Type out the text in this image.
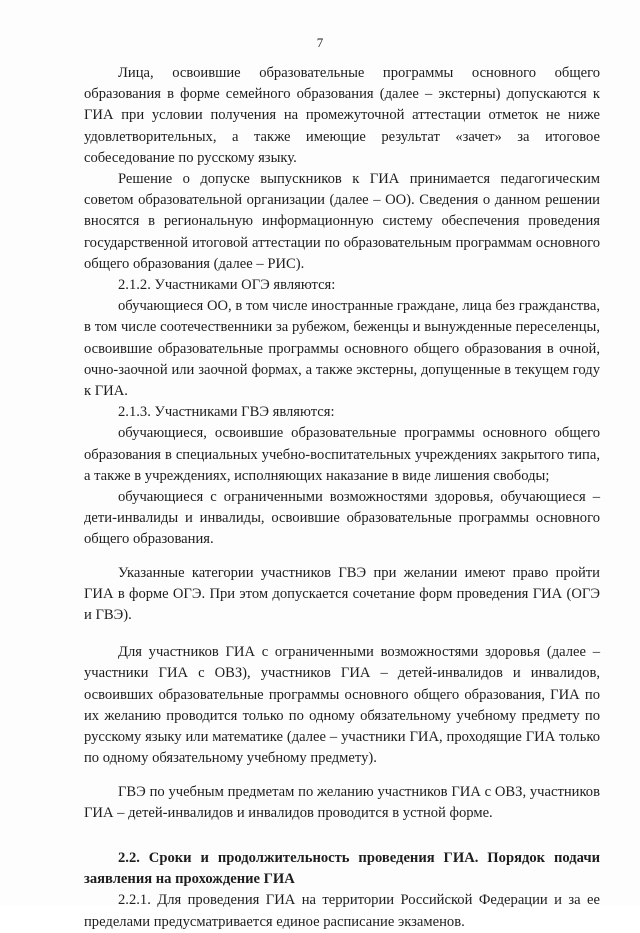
7

Лица, освоившие образовательные программы основного общего образования в форме семейного образования (далее – экстерны) допускаются к ГИА при условии получения на промежуточной аттестации отметок не ниже удовлетворительных, а также имеющие результат «зачет» за итоговое собеседование по русскому языку.

Решение о допуске выпускников к ГИА принимается педагогическим советом образовательной организации (далее – ОО). Сведения о данном решении вносятся в региональную информационную систему обеспечения проведения государственной итоговой аттестации по образовательным программам основного общего образования (далее – РИС).

2.1.2. Участниками ОГЭ являются:

обучающиеся ОО, в том числе иностранные граждане, лица без гражданства, в том числе соотечественники за рубежом, беженцы и вынужденные переселенцы, освоившие образовательные программы основного общего образования в очной, очно-заочной или заочной формах, а также экстерны, допущенные в текущем году к ГИА.

2.1.3. Участниками ГВЭ являются:

обучающиеся, освоившие образовательные программы основного общего образования в специальных учебно-воспитательных учреждениях закрытого типа, а также в учреждениях, исполняющих наказание в виде лишения свободы;

обучающиеся с ограниченными возможностями здоровья, обучающиеся – дети-инвалиды и инвалиды, освоившие образовательные программы основного общего образования.

Указанные категории участников ГВЭ при желании имеют право пройти ГИА в форме ОГЭ. При этом допускается сочетание форм проведения ГИА (ОГЭ и ГВЭ).

Для участников ГИА с ограниченными возможностями здоровья (далее – участники ГИА с ОВЗ), участников ГИА – детей-инвалидов и инвалидов, освоивших образовательные программы основного общего образования, ГИА по их желанию проводится только по одному обязательному учебному предмету по русскому языку или математике (далее – участники ГИА, проходящие ГИА только по одному обязательному учебному предмету).

ГВЭ по учебным предметам по желанию участников ГИА с ОВЗ, участников ГИА – детей-инвалидов и инвалидов проводится в устной форме.

2.2. Сроки и продолжительность проведения ГИА. Порядок подачи заявления на прохождение ГИА

2.2.1. Для проведения ГИА на территории Российской Федерации и за ее пределами предусматривается единое расписание экзаменов.
